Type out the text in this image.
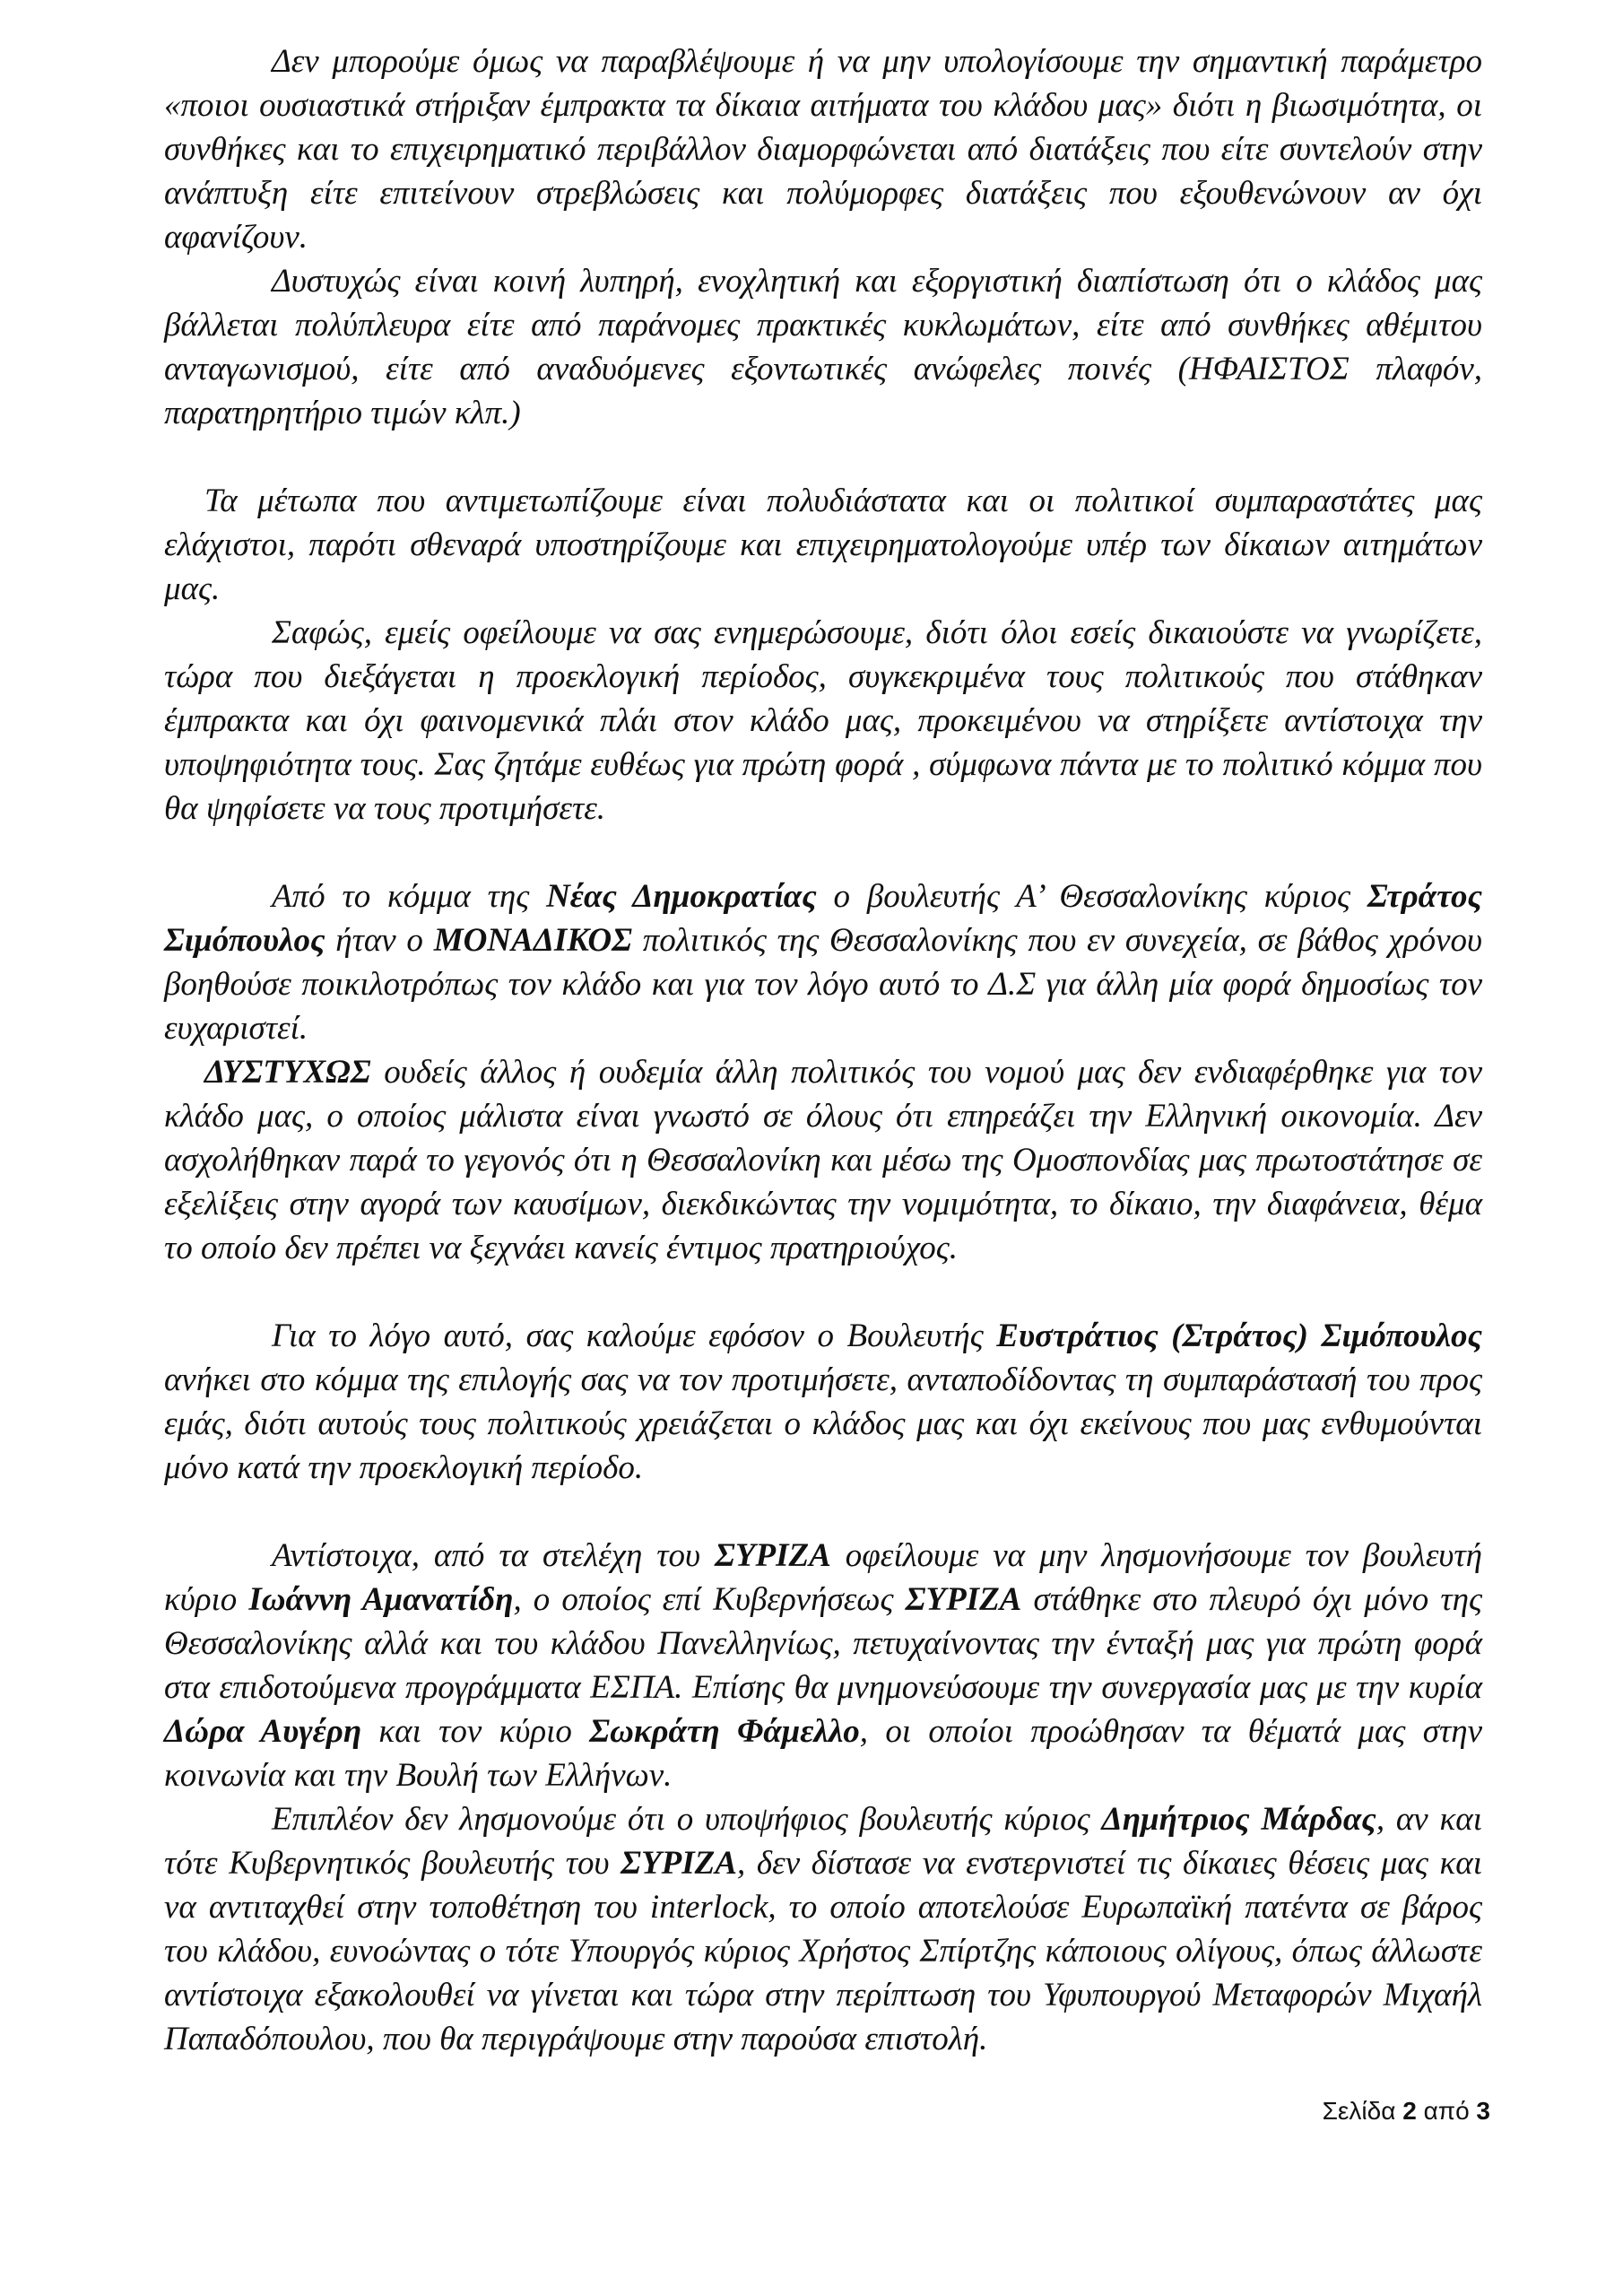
Δεν μπορούμε όμως να παραβλέψουμε ή να μην υπολογίσουμε την σημαντική παράμετρο «ποιοι ουσιαστικά στήριξαν έμπρακτα τα δίκαια αιτήματα του κλάδου μας» διότι η βιωσιμότητα, οι συνθήκες και το επιχειρηματικό περιβάλλον διαμορφώνεται από διατάξεις που είτε συντελούν στην ανάπτυξη είτε επιτείνουν στρεβλώσεις και πολύμορφες διατάξεις που εξουθενώνουν αν όχι αφανίζουν.

Δυστυχώς είναι κοινή λυπηρή, ενοχλητική και εξοργιστική διαπίστωση ότι ο κλάδος μας βάλλεται πολύπλευρα είτε από παράνομες πρακτικές κυκλωμάτων, είτε από συνθήκες αθέμιτου ανταγωνισμού, είτε από αναδυόμενες εξοντωτικές ανώφελες ποινές (ΗΦΑΙΣΤΟΣ πλαφόν, παρατηρητήριο τιμών κλπ.)

Τα μέτωπα που αντιμετωπίζουμε είναι πολυδιάστατα και οι πολιτικοί συμπαραστάτες μας ελάχιστοι, παρότι σθεναρά υποστηρίζουμε και επιχειρηματολογούμε υπέρ των δίκαιων αιτημάτων μας.

Σαφώς, εμείς οφείλουμε να σας ενημερώσουμε, διότι όλοι εσείς δικαιούστε να γνωρίζετε, τώρα που διεξάγεται η προεκλογική περίοδος, συγκεκριμένα τους πολιτικούς που στάθηκαν έμπρακτα και όχι φαινομενικά πλάι στον κλάδο μας, προκειμένου να στηρίξετε αντίστοιχα την υποψηφιότητα τους. Σας ζητάμε ευθέως για πρώτη φορά , σύμφωνα πάντα με το πολιτικό κόμμα που θα ψηφίσετε να τους προτιμήσετε.

Από το κόμμα της Νέας Δημοκρατίας ο βουλευτής Α’ Θεσσαλονίκης κύριος Στράτος Σιμόπουλος ήταν ο ΜΟΝΑΔΙΚΟΣ πολιτικός της Θεσσαλονίκης που εν συνεχεία, σε βάθος χρόνου βοηθούσε ποικιλοτρόπως τον κλάδο και για τον λόγο αυτό το Δ.Σ για άλλη μία φορά δημοσίως τον ευχαριστεί.

ΔΥΣΤΥΧΩΣ ουδείς άλλος ή ουδεμία άλλη πολιτικός του νομού μας δεν ενδιαφέρθηκε για τον κλάδο μας, ο οποίος μάλιστα είναι γνωστό σε όλους ότι επηρεάζει την Ελληνική οικονομία. Δεν ασχολήθηκαν παρά το γεγονός ότι η Θεσσαλονίκη και μέσω της Ομοσπονδίας μας πρωτοστάτησε σε εξελίξεις στην αγορά των καυσίμων, διεκδικώντας την νομιμότητα, το δίκαιο, την διαφάνεια, θέμα το οποίο δεν πρέπει να ξεχνάει κανείς έντιμος πρατηριούχος.

Για το λόγο αυτό, σας καλούμε εφόσον ο Βουλευτής Ευστράτιος (Στράτος) Σιμόπουλος ανήκει στο κόμμα της επιλογής σας να τον προτιμήσετε, ανταποδίδοντας τη συμπαράστασή του προς εμάς, διότι αυτούς τους πολιτικούς χρειάζεται ο κλάδος μας και όχι εκείνους που μας ενθυμούνται μόνο κατά την προεκλογική περίοδο.

Αντίστοιχα, από τα στελέχη του ΣΥΡΙΖΑ οφείλουμε να μην λησμονήσουμε τον βουλευτή κύριο Ιωάννη Αμανατίδη, ο οποίος επί Κυβερνήσεως ΣΥΡΙΖΑ στάθηκε στο πλευρό όχι μόνο της Θεσσαλονίκης αλλά και του κλάδου Πανελληνίως, πετυχαίνοντας την ένταξή μας για πρώτη φορά στα επιδοτούμενα προγράμματα ΕΣΠΑ. Επίσης θα μνημονεύσουμε την συνεργασία μας με την κυρία Δώρα Αυγέρη και τον κύριο Σωκράτη Φάμελλο, οι οποίοι προώθησαν τα θέματά μας στην κοινωνία και την Βουλή των Ελλήνων.

Επιπλέον δεν λησμονούμε ότι ο υποψήφιος βουλευτής κύριος Δημήτριος Μάρδας, αν και τότε Κυβερνητικός βουλευτής του ΣΥΡΙΖΑ, δεν δίστασε να ενστερνιστεί τις δίκαιες θέσεις μας και να αντιταχθεί στην τοποθέτηση του interlock, το οποίο αποτελούσε Ευρωπαϊκή πατέντα σε βάρος του κλάδου, ευνοώντας ο τότε Υπουργός κύριος Χρήστος Σπίρτζης κάποιους ολίγους, όπως άλλωστε αντίστοιχα εξακολουθεί να γίνεται και τώρα στην περίπτωση του Υφυπουργού Μεταφορών Μιχαήλ Παπαδόπουλου, που θα περιγράψουμε στην παρούσα επιστολή.

Σελίδα 2 από 3
